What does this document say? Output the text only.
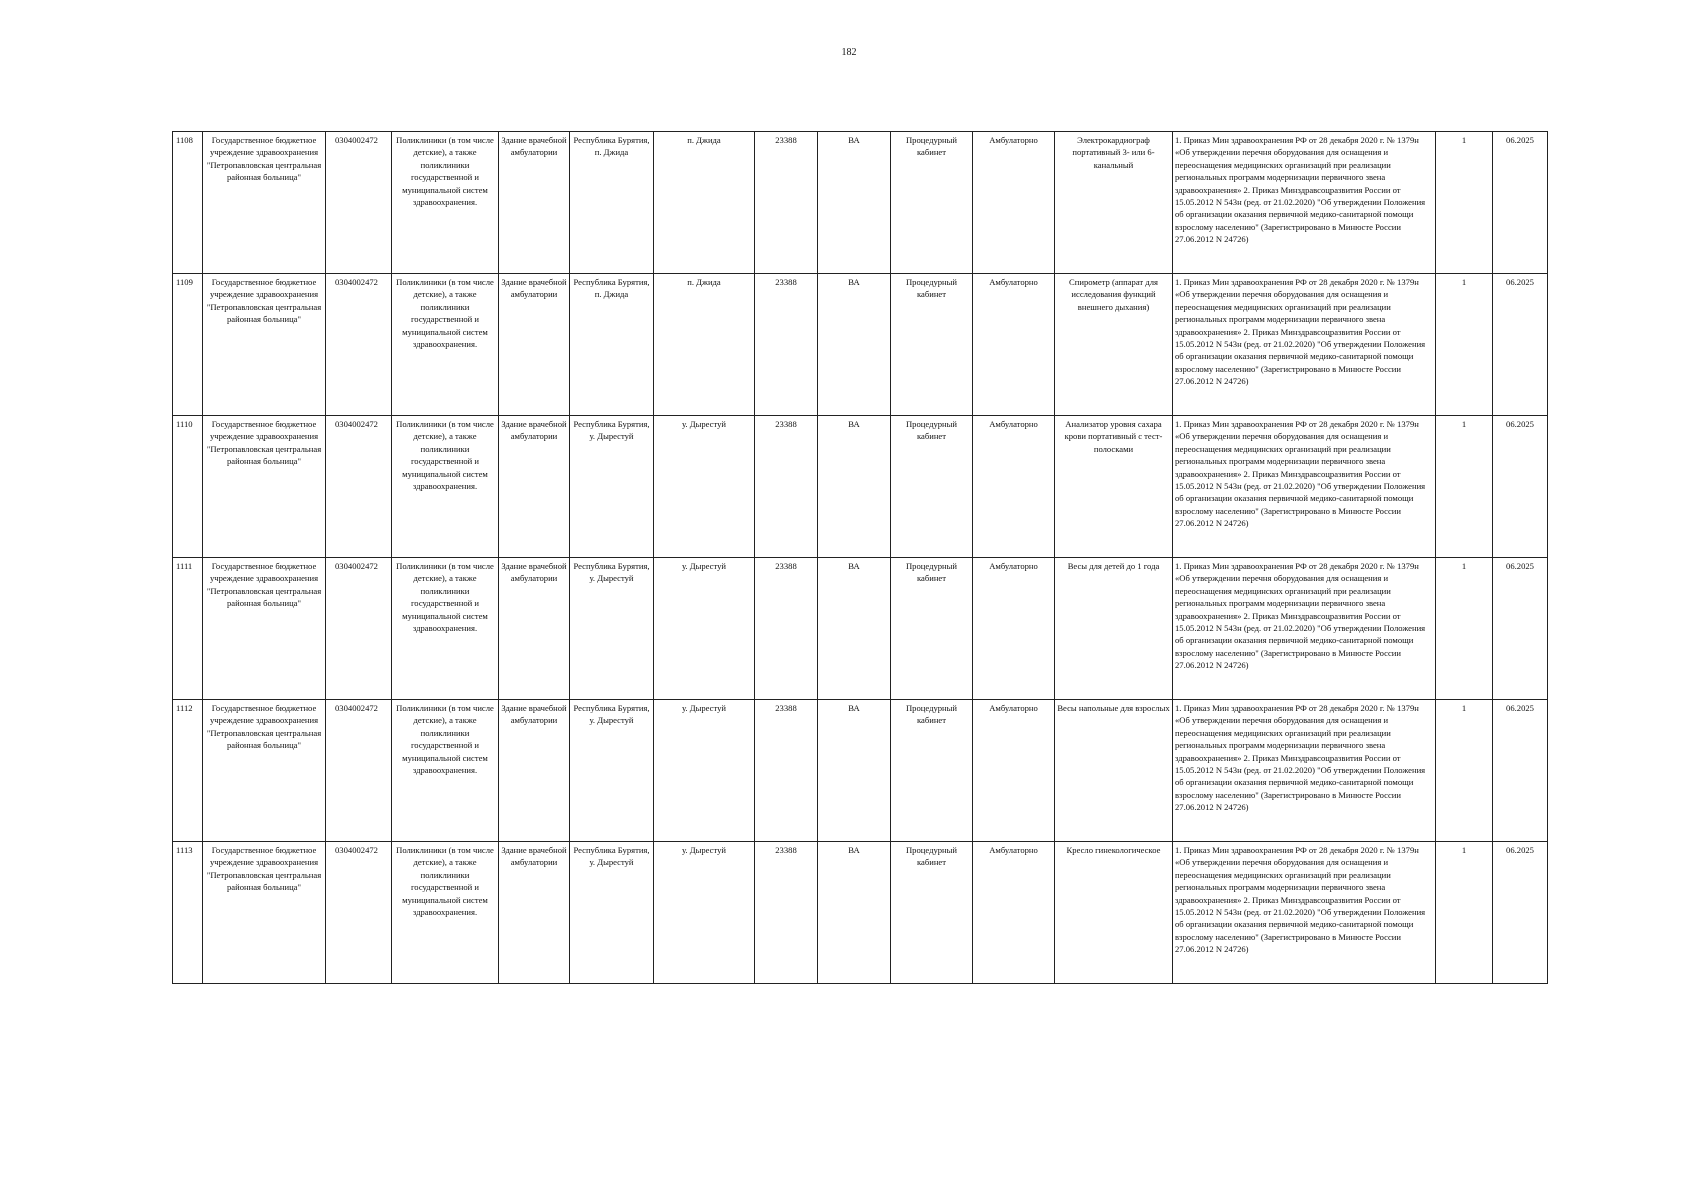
182
1108	Государственное бюджетное учреждение здравоохранения "Петропавловская центральная районная больница"	0304002472	Поликлиники (в том числе детские), а также поликлиники государственной и муниципальной систем здравоохранения.	Здание врачебной амбулатории	Республика Бурятия, п. Джида	п. Джида	23388	ВА	Процедурный кабинет	Амбулаторно	Электрокардиограф портативный 3- или 6-канальный	1. Приказ Мин здравоохранения РФ от 28 декабря 2020 г. № 1379н «Об утверждении перечня оборудования для оснащения и переоснащения медицинских организаций при реализации региональных программ модернизации первичного звена здравоохранения» 2. Приказ Минздравсоцразвития России от 15.05.2012 N 543н (ред. от 21.02.2020) "Об утверждении Положения об организации оказания первичной медико-санитарной помощи взрослому населению" (Зарегистрировано в Минюсте России 27.06.2012 N 24726)	1	06.2025
1109	Государственное бюджетное учреждение здравоохранения "Петропавловская центральная районная больница"	0304002472	Поликлиники (в том числе детские), а также поликлиники государственной и муниципальной систем здравоохранения.	Здание врачебной амбулатории	Республика Бурятия, п. Джида	п. Джида	23388	ВА	Процедурный кабинет	Амбулаторно	Спирометр (аппарат для исследования функций внешнего дыхания)	1. Приказ Мин здравоохранения РФ от 28 декабря 2020 г. № 1379н «Об утверждении перечня оборудования для оснащения и переоснащения медицинских организаций при реализации региональных программ модернизации первичного звена здравоохранения» 2. Приказ Минздравсоцразвития России от 15.05.2012 N 543н (ред. от 21.02.2020) "Об утверждении Положения об организации оказания первичной медико-санитарной помощи взрослому населению" (Зарегистрировано в Минюсте России 27.06.2012 N 24726)	1	06.2025
1110	Государственное бюджетное учреждение здравоохранения "Петропавловская центральная районная больница"	0304002472	Поликлиники (в том числе детские), а также поликлиники государственной и муниципальной систем здравоохранения.	Здание врачебной амбулатории	Республика Бурятия, у. Дырестуй	у. Дырестуй	23388	ВА	Процедурный кабинет	Амбулаторно	Анализатор уровня сахара крови портативный с тест-полосками	1. Приказ Мин здравоохранения РФ от 28 декабря 2020 г. № 1379н «Об утверждении перечня оборудования для оснащения и переоснащения медицинских организаций при реализации региональных программ модернизации первичного звена здравоохранения» 2. Приказ Минздравсоцразвития России от 15.05.2012 N 543н (ред. от 21.02.2020) "Об утверждении Положения об организации оказания первичной медико-санитарной помощи взрослому населению" (Зарегистрировано в Минюсте России 27.06.2012 N 24726)	1	06.2025
1111	Государственное бюджетное учреждение здравоохранения "Петропавловская центральная районная больница"	0304002472	Поликлиники (в том числе детские), а также поликлиники государственной и муниципальной систем здравоохранения.	Здание врачебной амбулатории	Республика Бурятия, у. Дырестуй	у. Дырестуй	23388	ВА	Процедурный кабинет	Амбулаторно	Весы для детей до 1 года	1. Приказ Мин здравоохранения РФ от 28 декабря 2020 г. № 1379н «Об утверждении перечня оборудования для оснащения и переоснащения медицинских организаций при реализации региональных программ модернизации первичного звена здравоохранения» 2. Приказ Минздравсоцразвития России от 15.05.2012 N 543н (ред. от 21.02.2020) "Об утверждении Положения об организации оказания первичной медико-санитарной помощи взрослому населению" (Зарегистрировано в Минюсте России 27.06.2012 N 24726)	1	06.2025
1112	Государственное бюджетное учреждение здравоохранения "Петропавловская центральная районная больница"	0304002472	Поликлиники (в том числе детские), а также поликлиники государственной и муниципальной систем здравоохранения.	Здание врачебной амбулатории	Республика Бурятия, у. Дырестуй	у. Дырестуй	23388	ВА	Процедурный кабинет	Амбулаторно	Весы напольные для взрослых	1. Приказ Мин здравоохранения РФ от 28 декабря 2020 г. № 1379н «Об утверждении перечня оборудования для оснащения и переоснащения медицинских организаций при реализации региональных программ модернизации первичного звена здравоохранения» 2. Приказ Минздравсоцразвития России от 15.05.2012 N 543н (ред. от 21.02.2020) "Об утверждении Положения об организации оказания первичной медико-санитарной помощи взрослому населению" (Зарегистрировано в Минюсте России 27.06.2012 N 24726)	1	06.2025
1113	Государственное бюджетное учреждение здравоохранения "Петропавловская центральная районная больница"	0304002472	Поликлиники (в том числе детские), а также поликлиники государственной и муниципальной систем здравоохранения.	Здание врачебной амбулатории	Республика Бурятия, у. Дырестуй	у. Дырестуй	23388	ВА	Процедурный кабинет	Амбулаторно	Кресло гинекологическое	1. Приказ Мин здравоохранения РФ от 28 декабря 2020 г. № 1379н «Об утверждении перечня оборудования для оснащения и переоснащения медицинских организаций при реализации региональных программ модернизации первичного звена здравоохранения» 2. Приказ Минздравсоцразвития России от 15.05.2012 N 543н (ред. от 21.02.2020) "Об утверждении Положения об организации оказания первичной медико-санитарной помощи взрослому населению" (Зарегистрировано в Минюсте России 27.06.2012 N 24726)	1	06.2025
